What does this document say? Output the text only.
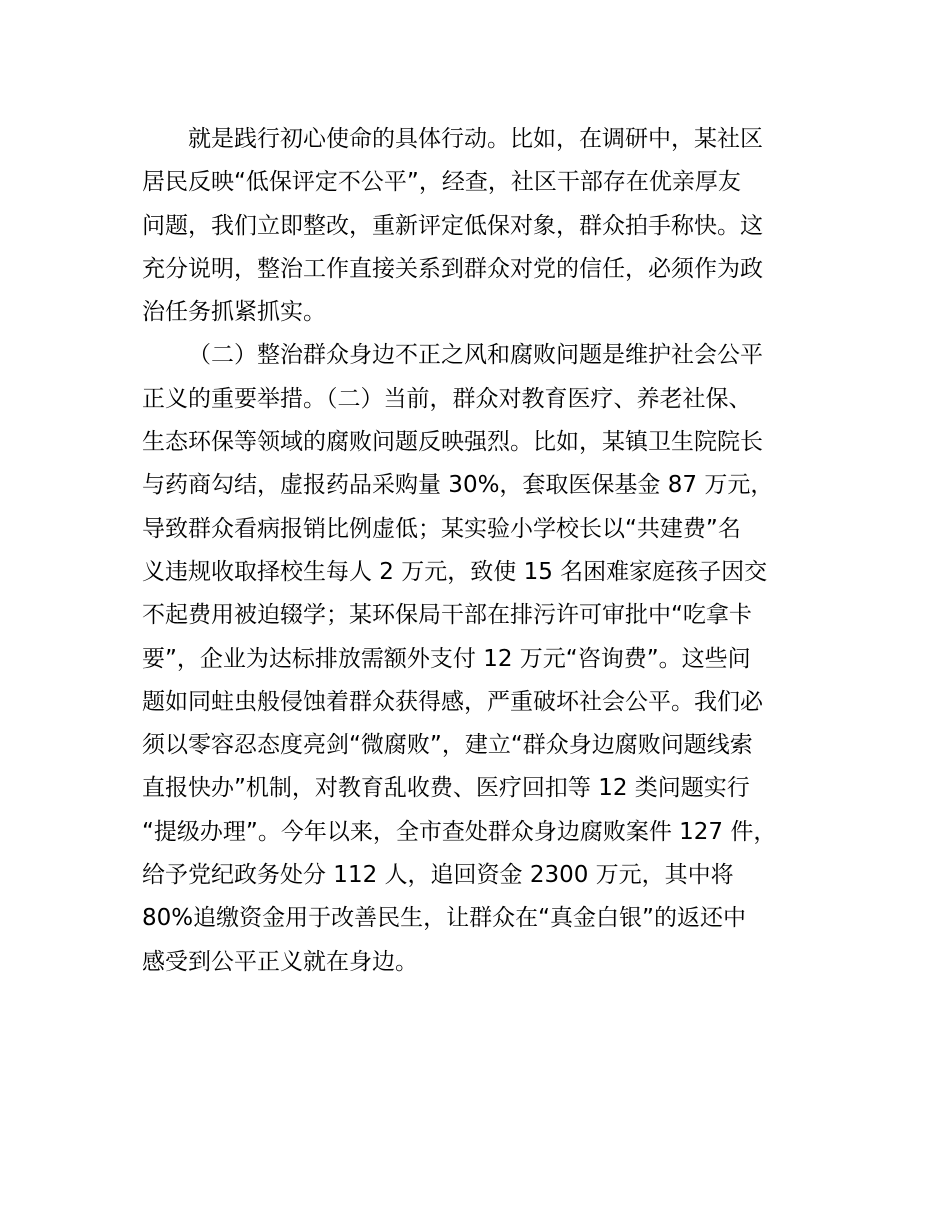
就是践行初心使命的具体行动。比如，在调研中，某社区
居民反映“低保评定不公平”，经查，社区干部存在优亲厚友
问题，我们立即整改，重新评定低保对象，群众拍手称快。这
充分说明，整治工作直接关系到群众对党的信任，必须作为政
治任务抓紧抓实。
（二）整治群众身边不正之风和腐败问题是维护社会公平
正义的重要举措。（二）当前，群众对教育医疗、养老社保、
生态环保等领域的腐败问题反映强烈。比如，某镇卫生院院长
与药商勾结，虚报药品采购量 30%，套取医保基金 87 万元，
导致群众看病报销比例虚低；某实验小学校长以“共建费”名
义违规收取择校生每人 2 万元，致使 15 名困难家庭孩子因交
不起费用被迫辍学；某环保局干部在排污许可审批中“吃拿卡
要”，企业为达标排放需额外支付 12 万元“咨询费”。这些问
题如同蛀虫般侵蚀着群众获得感，严重破坏社会公平。我们必
须以零容忍态度亮剑“微腐败”，建立“群众身边腐败问题线索
直报快办”机制，对教育乱收费、医疗回扣等 12 类问题实行
“提级办理”。今年以来，全市查处群众身边腐败案件 127 件，
给予党纪政务处分 112 人，追回资金 2300 万元，其中将
80%追缴资金用于改善民生，让群众在“真金白银”的返还中
感受到公平正义就在身边。
